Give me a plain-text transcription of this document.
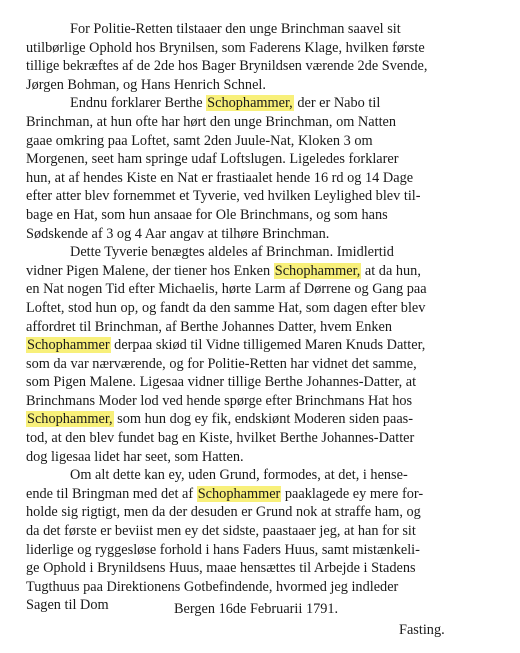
For Politie-Retten tilstaaer den unge Brinchman saavel sit
utilbørlige Ophold hos Brynilsen, som Faderens Klage, hvilken første
tillige bekræftes af de 2de hos Bager Brynildsen værende 2de Svende,
Jørgen Bohman, og Hans Henrich Schnel.

Endnu forklarer Berthe Schophammer, der er Nabo til
Brinchman, at hun ofte har hørt den unge Brinchman, om Natten
gaae omkring paa Loftet, samt 2den Juule-Nat, Kloken 3 om
Morgenen, seet ham springe udaf Loftslugen. Ligeledes forklarer
hun, at af hendes Kiste en Nat er frastiaalet hende 16 rd og 14 Dage
efter atter blev fornemmet et Tyverie, ved hvilken Leylighed blev til-
bage en Hat, som hun ansaae for Ole Brinchmans, og som hans
Sødskende af 3 og 4 Aar angav at tilhøre Brinchman.

Dette Tyverie benægtes aldeles af Brinchman. Imidlertid
vidner Pigen Malene, der tiener hos Enken Schophammer, at da hun,
en Nat nogen Tid efter Michaelis, hørte Larm af Dørrene og Gang paa
Loftet, stod hun op, og fandt da den samme Hat, som dagen efter blev
affordret til Brinchman, af Berthe Johannes Datter, hvem Enken
Schophammer derpaa skiød til Vidne tilligemed Maren Knuds Datter,
som da var nærværende, og for Politie-Retten har vidnet det samme,
som Pigen Malene. Ligesaa vidner tillige Berthe Johannes-Datter, at
Brinchmans Moder lod ved hende spørge efter Brinchmans Hat hos
Schophammer, som hun dog ey fik, endskiønt Moderen siden paas-
tod, at den blev fundet bag en Kiste, hvilket Berthe Johannes-Datter
dog ligesaa lidet har seet, som Hatten.

Om alt dette kan ey, uden Grund, formodes, at det, i hense-
ende til Bringman med det af Schophammer paaklagede ey mere for-
holde sig rigtigt, men da der desuden er Grund nok at straffe ham, og
da det første er beviist men ey det sidste, paastaaer jeg, at han for sit
liderlige og ryggesløse forhold i hans Faders Huus, samt mistænkeli-
ge Ophold i Brynildsens Huus, maae hensættes til Arbejde i Stadens
Tugthuus paa Direktionens Gotbefindende, hvormed jeg indleder
Sagen til Dom	Bergen 16de Februarii 1791.
Fasting.
